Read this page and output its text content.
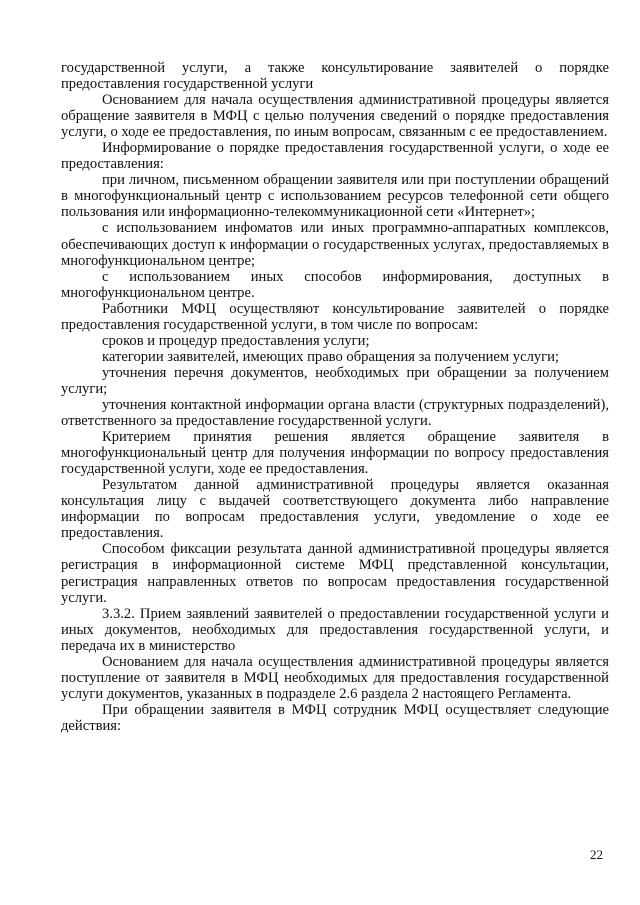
государственной услуги, а также консультирование заявителей о порядке предоставления государственной услуги

Основанием для начала осуществления административной процедуры является обращение заявителя в МФЦ с целью получения сведений о порядке предоставления услуги, о ходе ее предоставления, по иным вопросам, связанным с ее предоставлением.

Информирование о порядке предоставления государственной услуги, о ходе ее предоставления:

при личном, письменном обращении заявителя или при поступлении обращений в многофункциональный центр с использованием ресурсов телефонной сети общего пользования или информационно-телекоммуникационной сети «Интернет»;

с использованием инфоматов или иных программно-аппаратных комплексов, обеспечивающих доступ к информации о государственных услугах, предоставляемых в многофункциональном центре;

с использованием иных способов информирования, доступных в многофункциональном центре.

Работники МФЦ осуществляют консультирование заявителей о порядке предоставления государственной услуги, в том числе по вопросам:

сроков и процедур предоставления услуги;

категории заявителей, имеющих право обращения за получением услуги;

уточнения перечня документов, необходимых при обращении за получением услуги;

уточнения контактной информации органа власти (структурных подразделений), ответственного за предоставление государственной услуги.

Критерием принятия решения является обращение заявителя в многофункциональный центр для получения информации по вопросу предоставления государственной услуги, ходе ее предоставления.

Результатом данной административной процедуры является оказанная консультация лицу с выдачей соответствующего документа либо направление информации по вопросам предоставления услуги, уведомление о ходе ее предоставления.

Способом фиксации результата данной административной процедуры является регистрация в информационной системе МФЦ представленной консультации, регистрация направленных ответов по вопросам предоставления государственной услуги.

3.3.2. Прием заявлений заявителей о предоставлении государственной услуги и иных документов, необходимых для предоставления государственной услуги, и передача их в министерство

Основанием для начала осуществления административной процедуры является поступление от заявителя в МФЦ необходимых для предоставления государственной услуги документов, указанных в подразделе 2.6 раздела 2 настоящего Регламента.

При обращении заявителя в МФЦ сотрудник МФЦ осуществляет следующие действия:

22
